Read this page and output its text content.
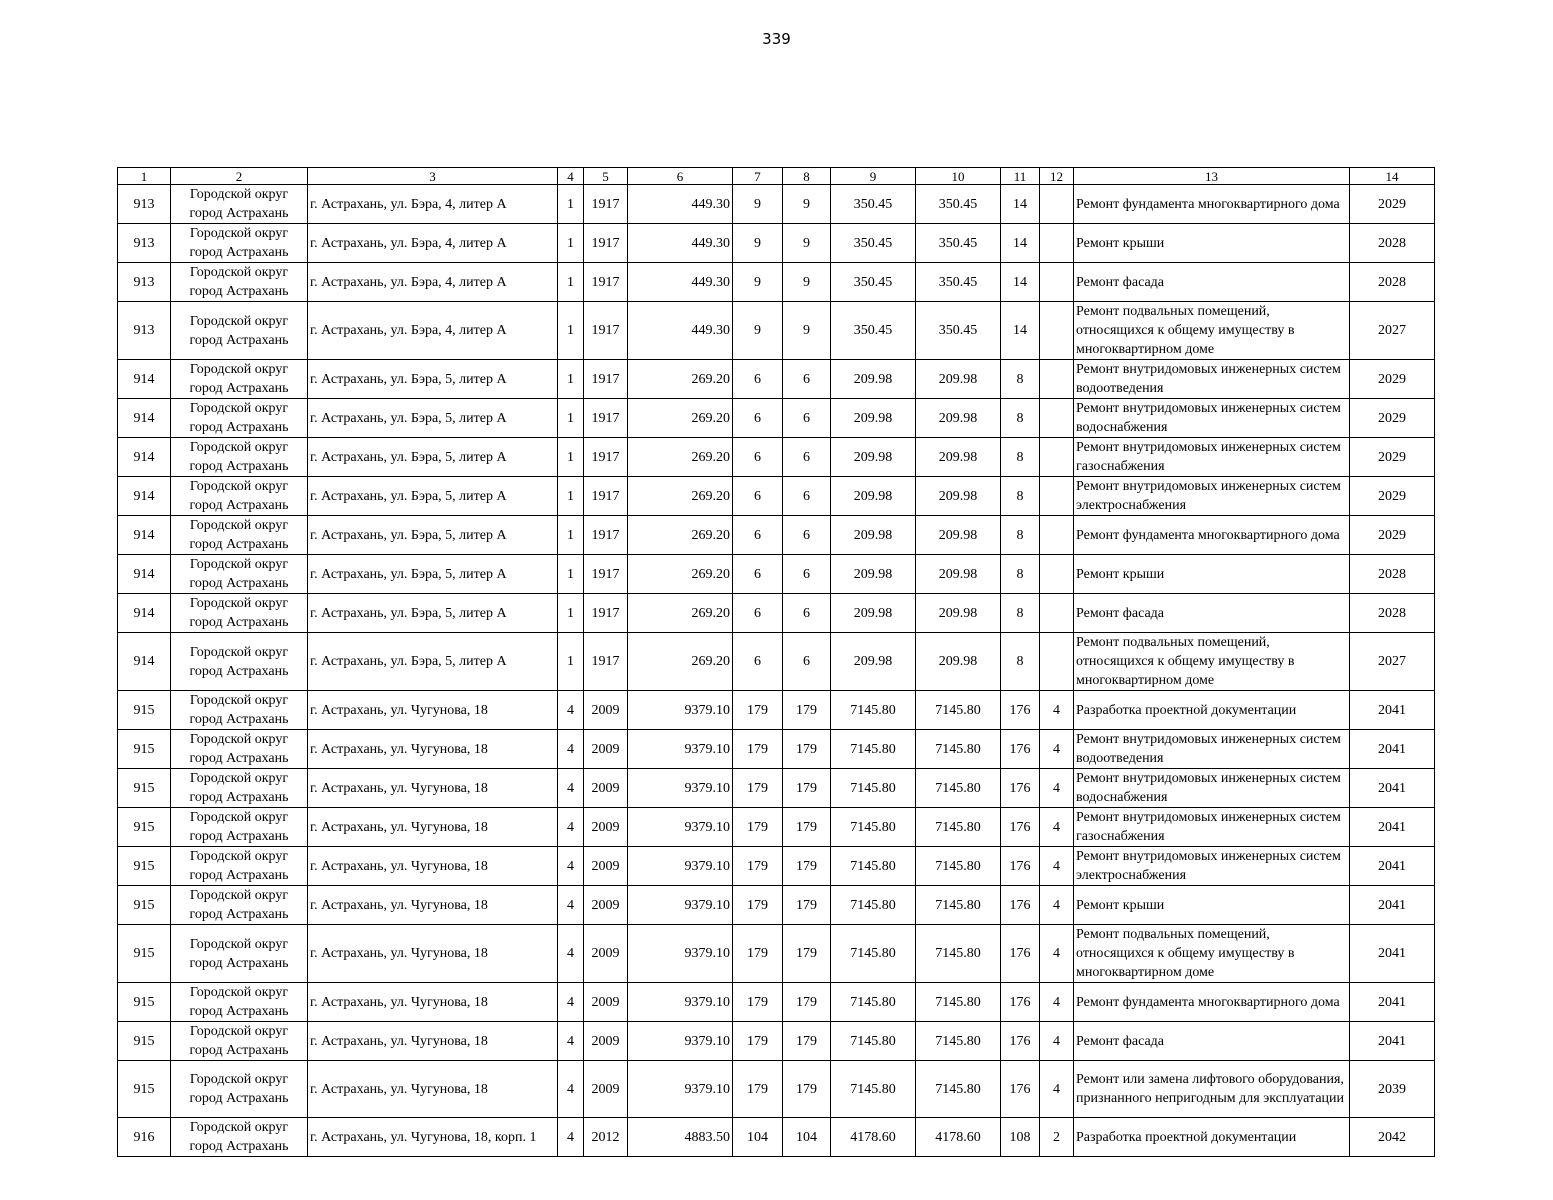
339
1	2	3	4	5	6	7	8	9	10	11	12	13	14
913	Городской округ город Астрахань	г. Астрахань, ул. Бэра, 4, литер А	1	1917	449.30	9	9	350.45	350.45	14		Ремонт фундамента многоквартирного дома	2029
913	Городской округ город Астрахань	г. Астрахань, ул. Бэра, 4, литер А	1	1917	449.30	9	9	350.45	350.45	14		Ремонт крыши	2028
913	Городской округ город Астрахань	г. Астрахань, ул. Бэра, 4, литер А	1	1917	449.30	9	9	350.45	350.45	14		Ремонт фасада	2028
913	Городской округ город Астрахань	г. Астрахань, ул. Бэра, 4, литер А	1	1917	449.30	9	9	350.45	350.45	14		Ремонт подвальных помещений, относящихся к общему имуществу в многоквартирном доме	2027
914	Городской округ город Астрахань	г. Астрахань, ул. Бэра, 5, литер А	1	1917	269.20	6	6	209.98	209.98	8		Ремонт внутридомовых инженерных систем водоотведения	2029
914	Городской округ город Астрахань	г. Астрахань, ул. Бэра, 5, литер А	1	1917	269.20	6	6	209.98	209.98	8		Ремонт внутридомовых инженерных систем водоснабжения	2029
914	Городской округ город Астрахань	г. Астрахань, ул. Бэра, 5, литер А	1	1917	269.20	6	6	209.98	209.98	8		Ремонт внутридомовых инженерных систем газоснабжения	2029
914	Городской округ город Астрахань	г. Астрахань, ул. Бэра, 5, литер А	1	1917	269.20	6	6	209.98	209.98	8		Ремонт внутридомовых инженерных систем электроснабжения	2029
914	Городской округ город Астрахань	г. Астрахань, ул. Бэра, 5, литер А	1	1917	269.20	6	6	209.98	209.98	8		Ремонт фундамента многоквартирного дома	2029
914	Городской округ город Астрахань	г. Астрахань, ул. Бэра, 5, литер А	1	1917	269.20	6	6	209.98	209.98	8		Ремонт крыши	2028
914	Городской округ город Астрахань	г. Астрахань, ул. Бэра, 5, литер А	1	1917	269.20	6	6	209.98	209.98	8		Ремонт фасада	2028
914	Городской округ город Астрахань	г. Астрахань, ул. Бэра, 5, литер А	1	1917	269.20	6	6	209.98	209.98	8		Ремонт подвальных помещений, относящихся к общему имуществу в многоквартирном доме	2027
915	Городской округ город Астрахань	г. Астрахань, ул. Чугунова, 18	4	2009	9379.10	179	179	7145.80	7145.80	176	4	Разработка проектной документации	2041
915	Городской округ город Астрахань	г. Астрахань, ул. Чугунова, 18	4	2009	9379.10	179	179	7145.80	7145.80	176	4	Ремонт внутридомовых инженерных систем водоотведения	2041
915	Городской округ город Астрахань	г. Астрахань, ул. Чугунова, 18	4	2009	9379.10	179	179	7145.80	7145.80	176	4	Ремонт внутридомовых инженерных систем водоснабжения	2041
915	Городской округ город Астрахань	г. Астрахань, ул. Чугунова, 18	4	2009	9379.10	179	179	7145.80	7145.80	176	4	Ремонт внутридомовых инженерных систем газоснабжения	2041
915	Городской округ город Астрахань	г. Астрахань, ул. Чугунова, 18	4	2009	9379.10	179	179	7145.80	7145.80	176	4	Ремонт внутридомовых инженерных систем электроснабжения	2041
915	Городской округ город Астрахань	г. Астрахань, ул. Чугунова, 18	4	2009	9379.10	179	179	7145.80	7145.80	176	4	Ремонт крыши	2041
915	Городской округ город Астрахань	г. Астрахань, ул. Чугунова, 18	4	2009	9379.10	179	179	7145.80	7145.80	176	4	Ремонт подвальных помещений, относящихся к общему имуществу в многоквартирном доме	2041
915	Городской округ город Астрахань	г. Астрахань, ул. Чугунова, 18	4	2009	9379.10	179	179	7145.80	7145.80	176	4	Ремонт фундамента многоквартирного дома	2041
915	Городской округ город Астрахань	г. Астрахань, ул. Чугунова, 18	4	2009	9379.10	179	179	7145.80	7145.80	176	4	Ремонт фасада	2041
915	Городской округ город Астрахань	г. Астрахань, ул. Чугунова, 18	4	2009	9379.10	179	179	7145.80	7145.80	176	4	Ремонт или замена лифтового оборудования, признанного непригодным для эксплуатации	2039
916	Городской округ город Астрахань	г. Астрахань, ул. Чугунова, 18, корп. 1	4	2012	4883.50	104	104	4178.60	4178.60	108	2	Разработка проектной документации	2042
